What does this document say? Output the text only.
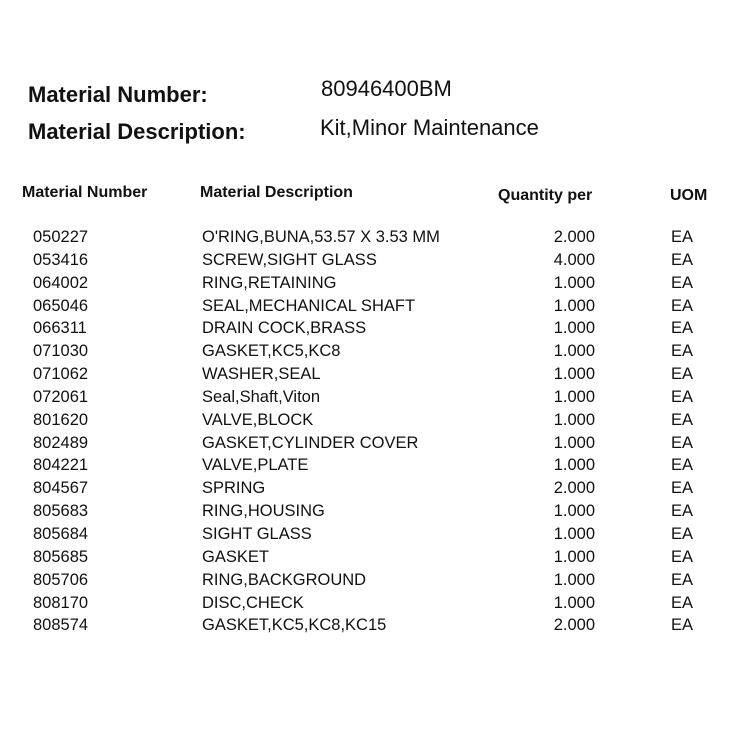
Material Number:	80946400BM
Material Description:	Kit,Minor Maintenance
Material Number	Material Description	Quantity per	UOM
050227	O'RING,BUNA,53.57 X 3.53 MM	2.000	EA
053416	SCREW,SIGHT GLASS	4.000	EA
064002	RING,RETAINING	1.000	EA
065046	SEAL,MECHANICAL SHAFT	1.000	EA
066311	DRAIN COCK,BRASS	1.000	EA
071030	GASKET,KC5,KC8	1.000	EA
071062	WASHER,SEAL	1.000	EA
072061	Seal,Shaft,Viton	1.000	EA
801620	VALVE,BLOCK	1.000	EA
802489	GASKET,CYLINDER COVER	1.000	EA
804221	VALVE,PLATE	1.000	EA
804567	SPRING	2.000	EA
805683	RING,HOUSING	1.000	EA
805684	SIGHT GLASS	1.000	EA
805685	GASKET	1.000	EA
805706	RING,BACKGROUND	1.000	EA
808170	DISC,CHECK	1.000	EA
808574	GASKET,KC5,KC8,KC15	2.000	EA
